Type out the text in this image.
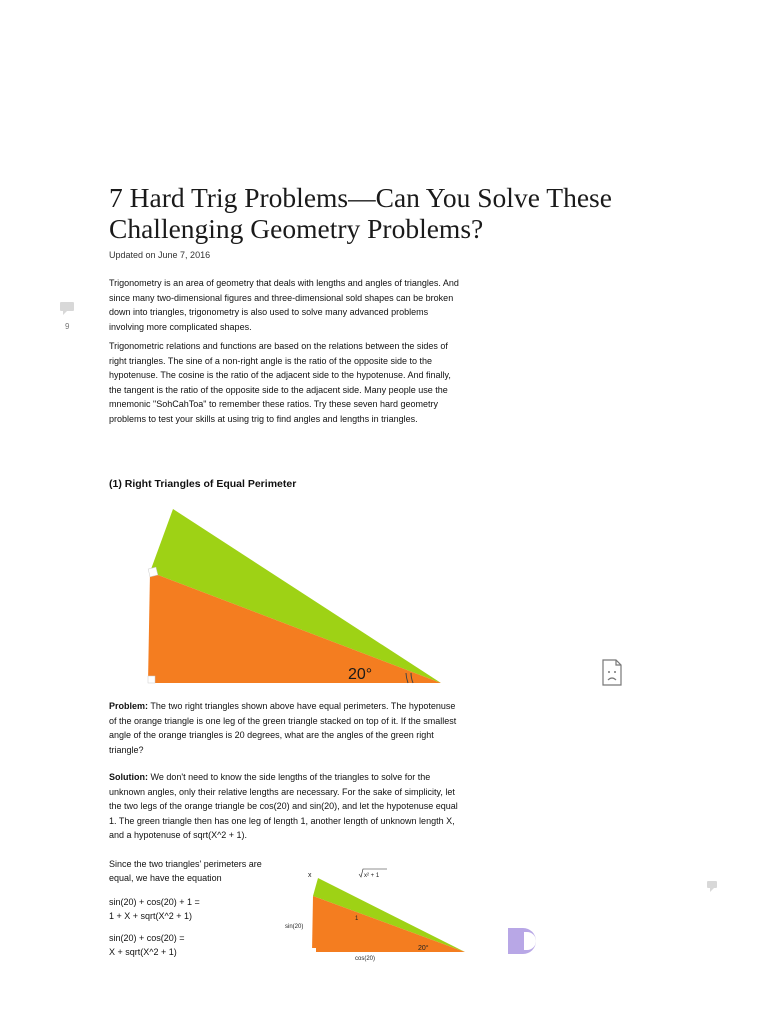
9
7 Hard Trig Problems—Can You Solve These
Challenging Geometry Problems?
Updated on June 7, 2016

Trigonometry is an area of geometry that deals with lengths and angles of triangles. And since many two-dimensional figures and three-dimensional sold shapes can be broken down into triangles, trigonometry is also used to solve many advanced problems involving more complicated shapes.

Trigonometric relations and functions are based on the relations between the sides of right triangles. The sine of a non-right angle is the ratio of the opposite side to the hypotenuse. The cosine is the ratio of the adjacent side to the hypotenuse. And finally, the tangent is the ratio of the opposite side to the adjacent side. Many people use the mnemonic "SohCahToa" to remember these ratios. Try these seven hard geometry problems to test your skills at using trig to find angles and lengths in triangles.

(1) Right Triangles of Equal Perimeter
20°

Problem: The two right triangles shown above have equal perimeters. The hypotenuse of the orange triangle is one leg of the green triangle stacked on top of it. If the smallest angle of the orange triangles is 20 degrees, what are the angles of the green right triangle?

Solution: We don't need to know the side lengths of the triangles to solve for the unknown angles, only their relative lengths are necessary. For the sake of simplicity, let the two legs of the orange triangle be cos(20) and sin(20), and let the hypotenuse equal 1. The green triangle then has one leg of length 1, another length of unknown length X, and a hypotenuse of sqrt(X^2 + 1).

Since the two triangles' perimeters are equal, we have the equation

sin(20) + cos(20) + 1 =
1 + X + sqrt(X^2 + 1)

sin(20) + cos(20) =
X + sqrt(X^2 + 1)

x	x² + 1
1
sin(20)
20°
cos(20)
